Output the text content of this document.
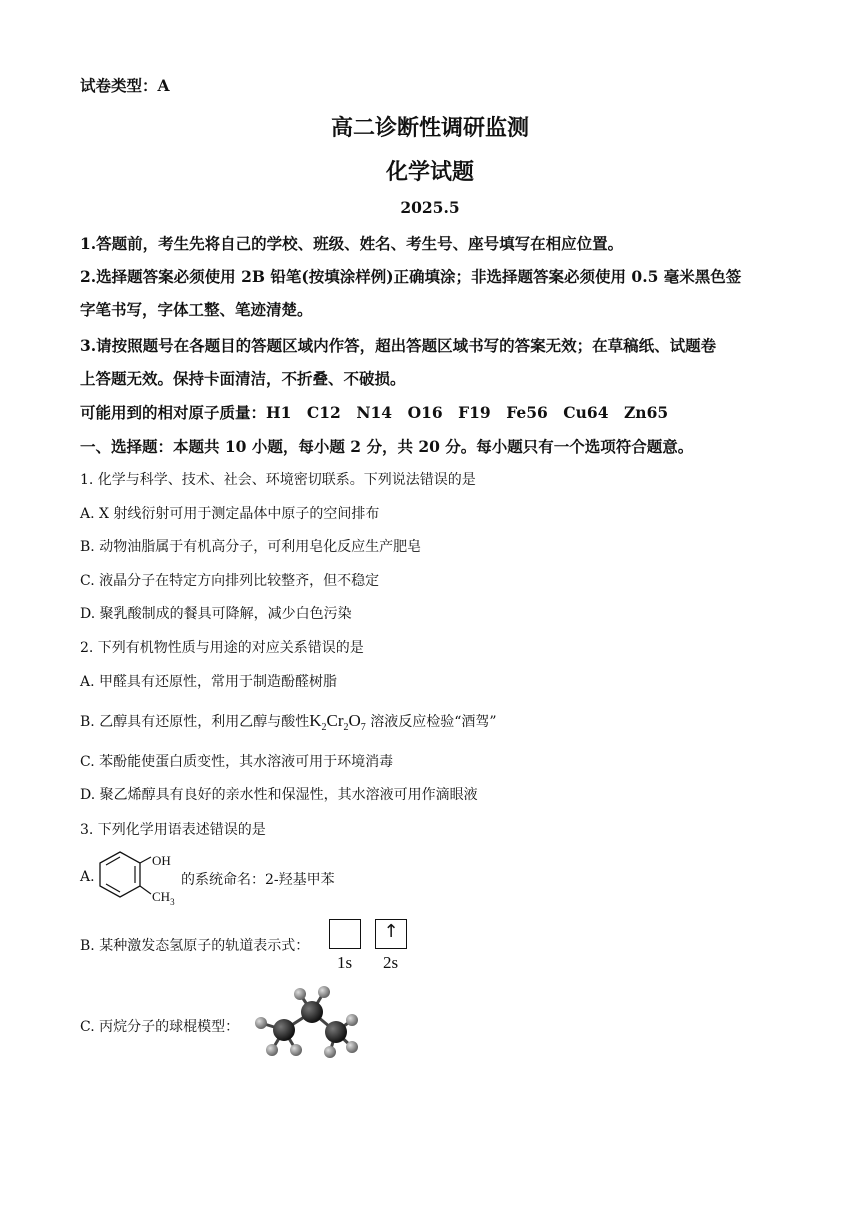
试卷类型：A
高二诊断性调研监测
化学试题
2025.5
1.答题前，考生先将自己的学校、班级、姓名、考生号、座号填写在相应位置。
2.选择题答案必须使用 2B 铅笔(按填涂样例)正确填涂；非选择题答案必须使用 0.5 毫米黑色签
字笔书写，字体工整、笔迹清楚。
3.请按照题号在各题目的答题区域内作答，超出答题区域书写的答案无效；在草稿纸、试题卷
上答题无效。保持卡面清洁，不折叠、不破损。
可能用到的相对原子质量：H1　C12　N14　O16　F19　Fe56　Cu64　Zn65
一、选择题：本题共 10 小题，每小题 2 分，共 20 分。每小题只有一个选项符合题意。
1. 化学与科学、技术、社会、环境密切联系。下列说法错误的是
A. X 射线衍射可用于测定晶体中原子的空间排布
B. 动物油脂属于有机高分子，可利用皂化反应生产肥皂
C. 液晶分子在特定方向排列比较整齐，但不稳定
D. 聚乳酸制成的餐具可降解，减少白色污染
2. 下列有机物性质与用途的对应关系错误的是
A. 甲醛具有还原性，常用于制造酚醛树脂
B. 乙醇具有还原性，利用乙醇与酸性$K_2Cr_2O_7$ 溶液反应检验“酒驾”
C. 苯酚能使蛋白质变性，其水溶液可用于环境消毒
D. 聚乙烯醇具有良好的亲水性和保湿性，其水溶液可用作滴眼液
3. 下列化学用语表述错误的是
A.
OH
$CH_3$
的系统命名：2-羟基甲苯
B. 某种激发态氢原子的轨道表示式：
↑
1s 2s
C. 丙烷分子的球棍模型：
